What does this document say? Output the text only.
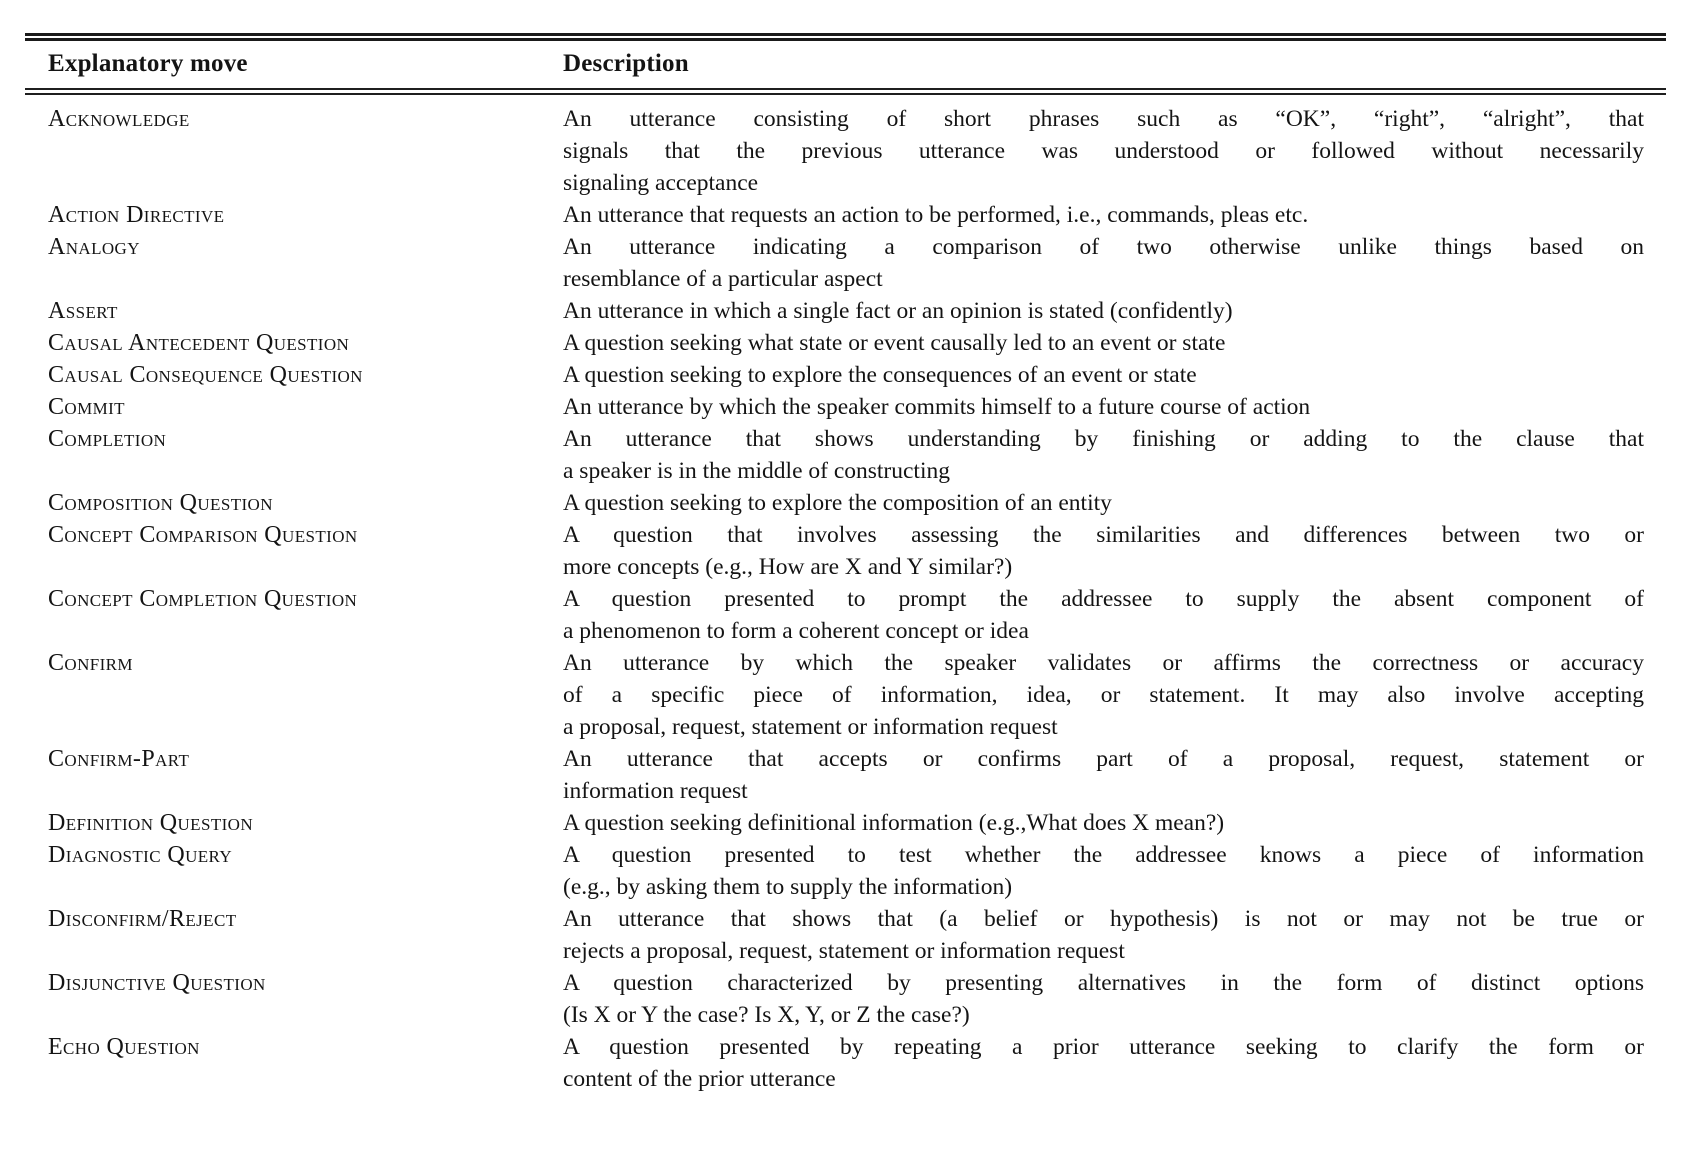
Explanatory move	Description
Acknowledge	An utterance consisting of short phrases such as “OK”, “right”, “alright”, that
signals that the previous utterance was understood or followed without necessarily
signaling acceptance
Action Directive	An utterance that requests an action to be performed, i.e., commands, pleas etc.
Analogy	An utterance indicating a comparison of two otherwise unlike things based on
resemblance of a particular aspect
Assert	An utterance in which a single fact or an opinion is stated (confidently)
Causal Antecedent Question	A question seeking what state or event causally led to an event or state
Causal Consequence Question	A question seeking to explore the consequences of an event or state
Commit	An utterance by which the speaker commits himself to a future course of action
Completion	An utterance that shows understanding by finishing or adding to the clause that
a speaker is in the middle of constructing
Composition Question	A question seeking to explore the composition of an entity
Concept Comparison Question	A question that involves assessing the similarities and differences between two or
more concepts (e.g., How are X and Y similar?)
Concept Completion Question	A question presented to prompt the addressee to supply the absent component of
a phenomenon to form a coherent concept or idea
Confirm	An utterance by which the speaker validates or affirms the correctness or accuracy
of a specific piece of information, idea, or statement. It may also involve accepting
a proposal, request, statement or information request
Confirm-Part	An utterance that accepts or confirms part of a proposal, request, statement or
information request
Definition Question	A question seeking definitional information (e.g.,What does X mean?)
Diagnostic Query	A question presented to test whether the addressee knows a piece of information
(e.g., by asking them to supply the information)
Disconfirm/Reject	An utterance that shows that (a belief or hypothesis) is not or may not be true or
rejects a proposal, request, statement or information request
Disjunctive Question	A question characterized by presenting alternatives in the form of distinct options
(Is X or Y the case? Is X, Y, or Z the case?)
Echo Question	A question presented by repeating a prior utterance seeking to clarify the form or
content of the prior utterance
